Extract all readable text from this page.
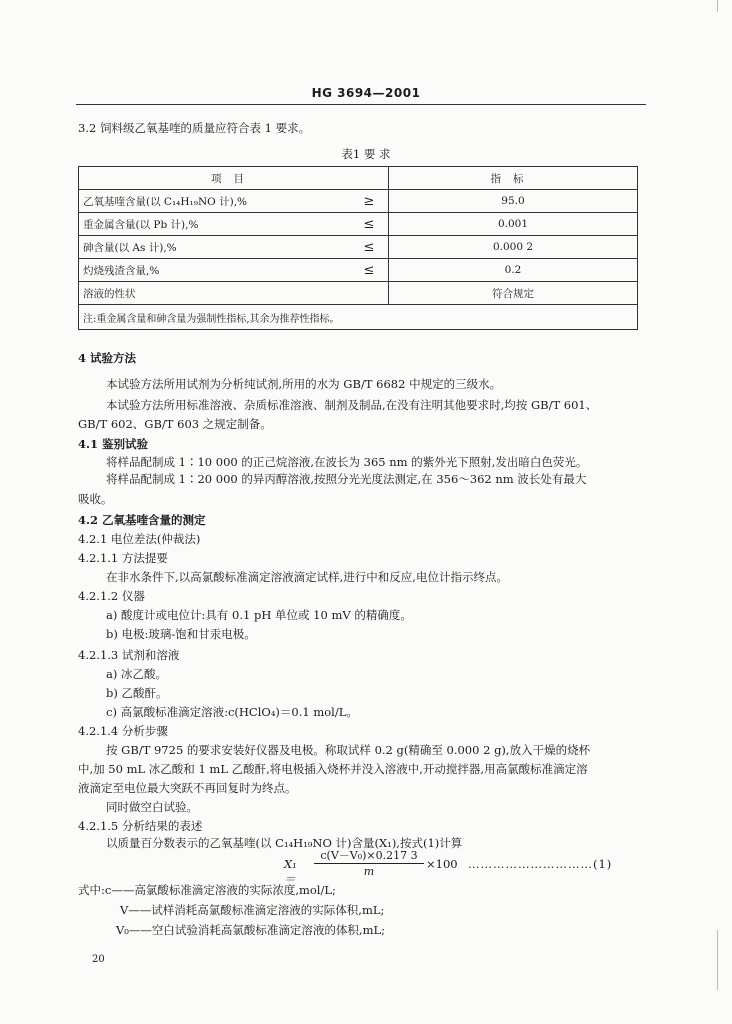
HG 3694—2001
3.2 饲料级乙氧基喹的质量应符合表 1 要求。
表1 要 求
项目		指标
乙氧基喹含量(以 C₁₄H₁₉NO 计),%	≥	95.0
重金属含量(以 Pb 计),%	≤	0.001
砷含量(以 As 计),%	≤	0.000 2
灼烧残渣含量,%	≤	0.2
溶液的性状		符合规定
注:重金属含量和砷含量为强制性指标,其余为推荐性指标。		
4 试验方法
本试验方法所用试剂为分析纯试剂,所用的水为 GB/T 6682 中规定的三级水。
本试验方法所用标准溶液、杂质标准溶液、制剂及制品,在没有注明其他要求时,均按 GB/T 601、
GB/T 602、GB/T 603 之规定制备。
4.1 鉴别试验
将样品配制成 1∶10 000 的正己烷溶液,在波长为 365 nm 的紫外光下照射,发出暗白色荧光。
将样品配制成 1∶20 000 的异丙醇溶液,按照分光光度法测定,在 356～362 nm 波长处有最大
吸收。
4.2 乙氧基喹含量的测定
4.2.1 电位差法(仲裁法)
4.2.1.1 方法提要
在非水条件下,以高氯酸标准滴定溶液滴定试样,进行中和反应,电位计指示终点。
4.2.1.2 仪器
a) 酸度计或电位计:具有 0.1 pH 单位或 10 mV 的精确度。
b) 电极:玻璃-饱和甘汞电极。
4.2.1.3 试剂和溶液
a) 冰乙酸。
b) 乙酸酐。
c) 高氯酸标准滴定溶液:c(HClO₄)＝0.1 mol/L。
4.2.1.4 分析步骤
按 GB/T 9725 的要求安装好仪器及电极。称取试样 0.2 g(精确至 0.000 2 g),放入干燥的烧杯
中,加 50 mL 冰乙酸和 1 mL 乙酸酐,将电极插入烧杯并没入溶液中,开动搅拌器,用高氯酸标准滴定溶
液滴定至电位最大突跃不再回复时为终点。
同时做空白试验。
4.2.1.5 分析结果的表述
以质量百分数表示的乙氧基喹(以 C₁₄H₁₉NO 计)含量(X₁),按式(1)计算
$X_1= \frac{\text{c(V－V₀)×0.217 3}}{m} \times 100$ …………………………(1)
式中:c——高氯酸标准滴定溶液的实际浓度,mol/L;
V——试样消耗高氯酸标准滴定溶液的实际体积,mL;
V₀——空白试验消耗高氯酸标准滴定溶液的体积,mL;
20
